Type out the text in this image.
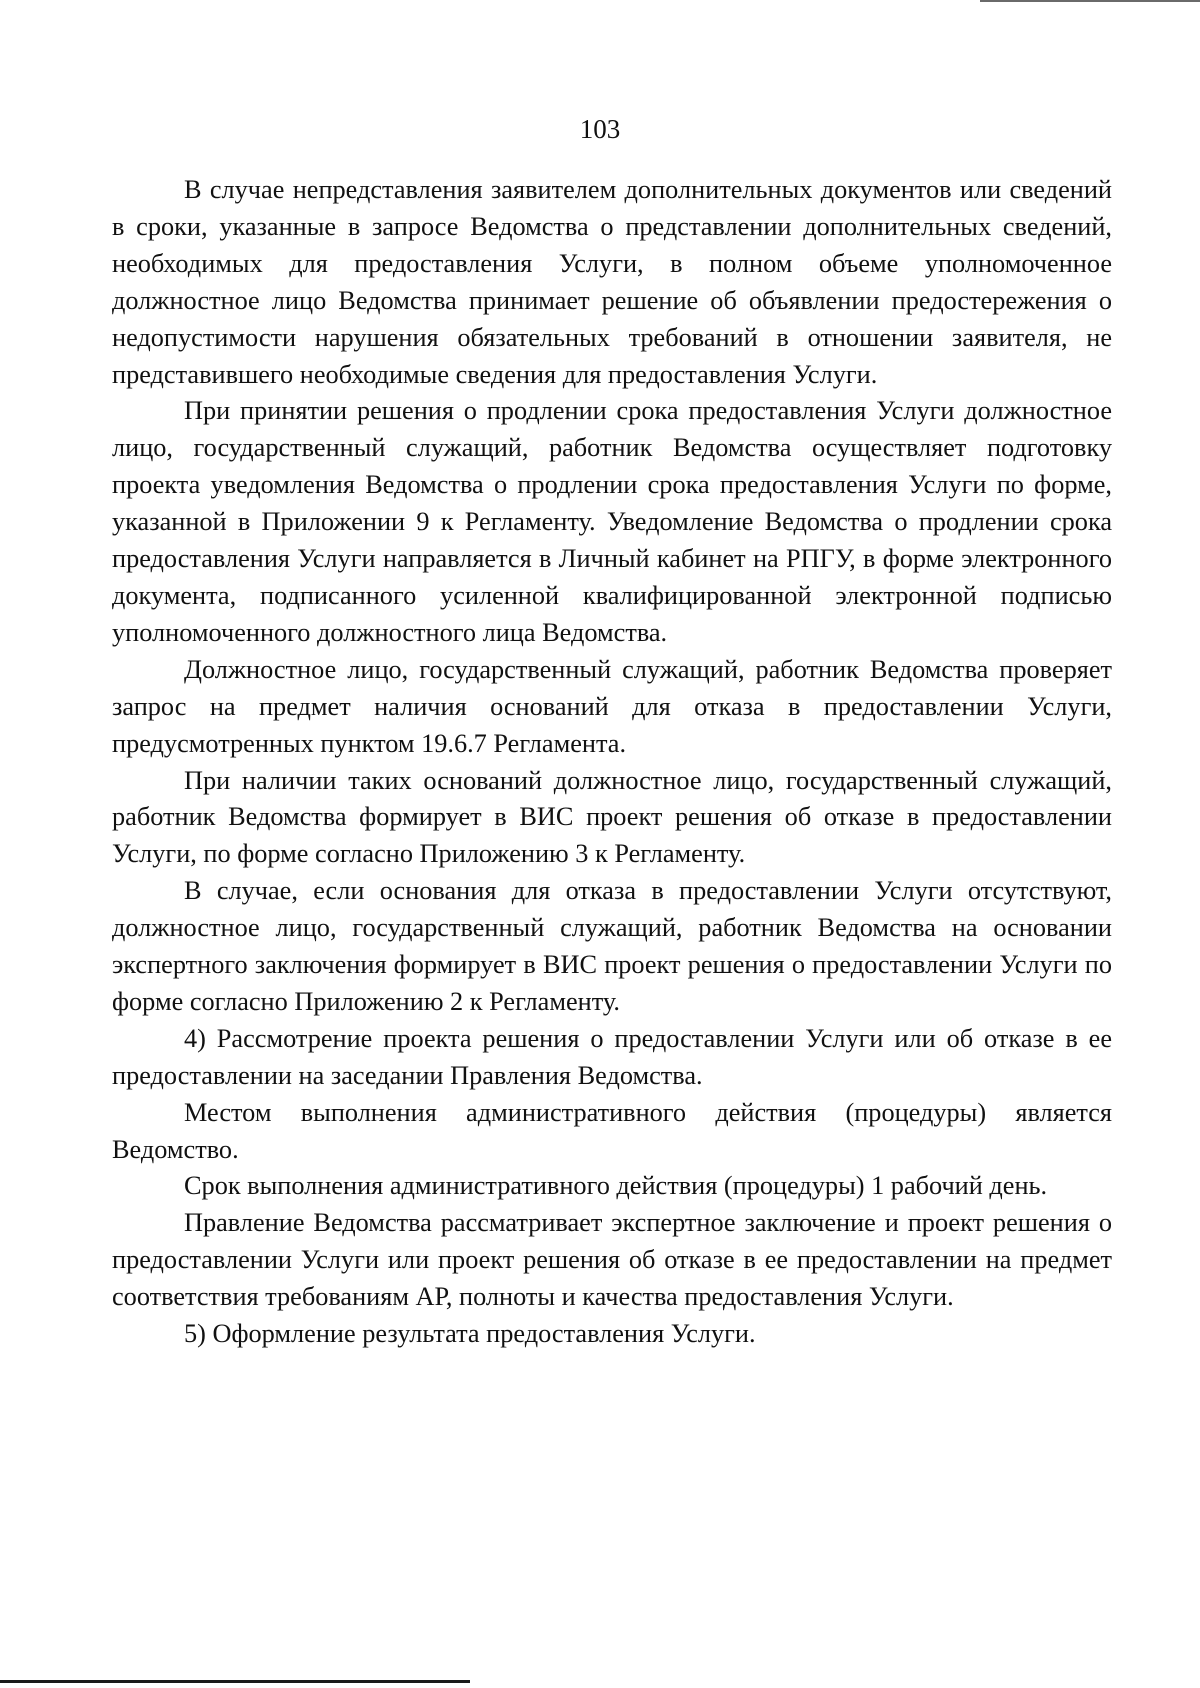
103

В случае непредставления заявителем дополнительных документов или сведений в сроки, указанные в запросе Ведомства о представлении дополнительных сведений, необходимых для предоставления Услуги, в полном объеме уполномоченное должностное лицо Ведомства принимает решение об объявлении предостережения о недопустимости нарушения обязательных требований в отношении заявителя, не представившего необходимые сведения для предоставления Услуги.

При принятии решения о продлении срока предоставления Услуги должностное лицо, государственный служащий, работник Ведомства осуществляет подготовку проекта уведомления Ведомства о продлении срока предоставления Услуги по форме, указанной в Приложении 9 к Регламенту. Уведомление Ведомства о продлении срока предоставления Услуги направляется в Личный кабинет на РПГУ, в форме электронного документа, подписанного усиленной квалифицированной электронной подписью уполномоченного должностного лица Ведомства.

Должностное лицо, государственный служащий, работник Ведомства проверяет запрос на предмет наличия оснований для отказа в предоставлении Услуги, предусмотренных пунктом 19.6.7 Регламента.

При наличии таких оснований должностное лицо, государственный служащий, работник Ведомства формирует в ВИС проект решения об отказе в предоставлении Услуги, по форме согласно Приложению 3 к Регламенту.

В случае, если основания для отказа в предоставлении Услуги отсутствуют, должностное лицо, государственный служащий, работник Ведомства на основании экспертного заключения формирует в ВИС проект решения о предоставлении Услуги по форме согласно Приложению 2 к Регламенту.

4) Рассмотрение проекта решения о предоставлении Услуги или об отказе в ее предоставлении на заседании Правления Ведомства.

Местом выполнения административного действия (процедуры) является Ведомство.

Срок выполнения административного действия (процедуры) 1 рабочий день.

Правление Ведомства рассматривает экспертное заключение и проект решения о предоставлении Услуги или проект решения об отказе в ее предоставлении на предмет соответствия требованиям АР, полноты и качества предоставления Услуги.

5) Оформление результата предоставления Услуги.
